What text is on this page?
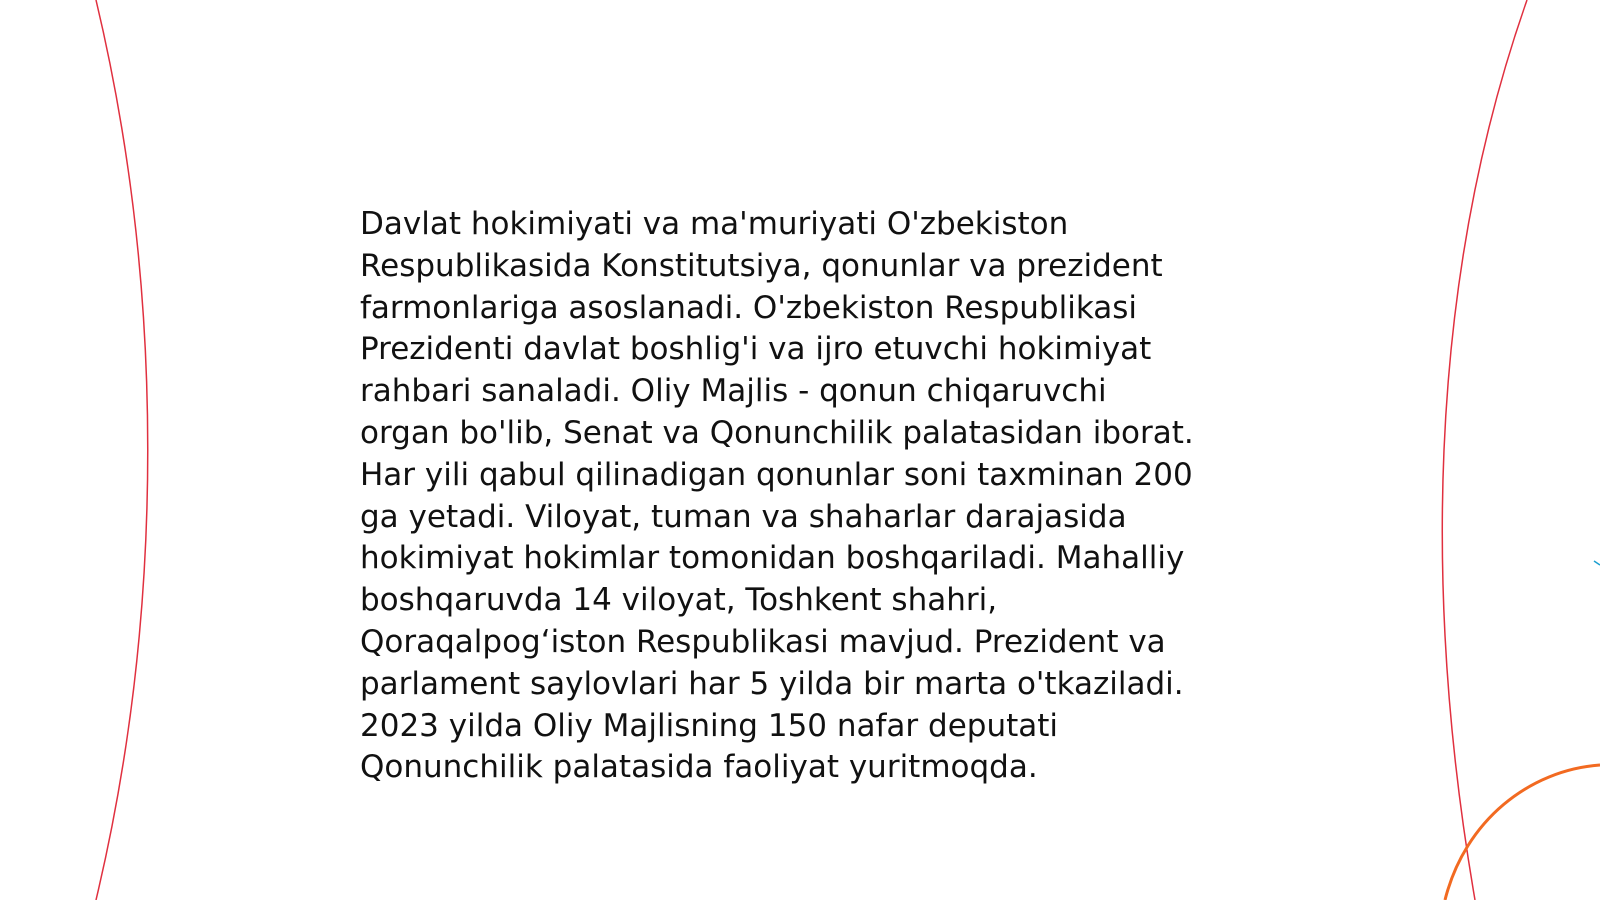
Davlat hokimiyati va ma'muriyati O'zbekiston
Respublikasida Konstitutsiya, qonunlar va prezident
farmonlariga asoslanadi. O'zbekiston Respublikasi
Prezidenti davlat boshlig'i va ijro etuvchi hokimiyat
rahbari sanaladi. Oliy Majlis - qonun chiqaruvchi
organ bo'lib, Senat va Qonunchilik palatasidan iborat.
Har yili qabul qilinadigan qonunlar soni taxminan 200
ga yetadi. Viloyat, tuman va shaharlar darajasida
hokimiyat hokimlar tomonidan boshqariladi. Mahalliy
boshqaruvda 14 viloyat, Toshkent shahri,
Qoraqalpog‘iston Respublikasi mavjud. Prezident va
parlament saylovlari har 5 yilda bir marta o'tkaziladi.
2023 yilda Oliy Majlisning 150 nafar deputati
Qonunchilik palatasida faoliyat yuritmoqda.
